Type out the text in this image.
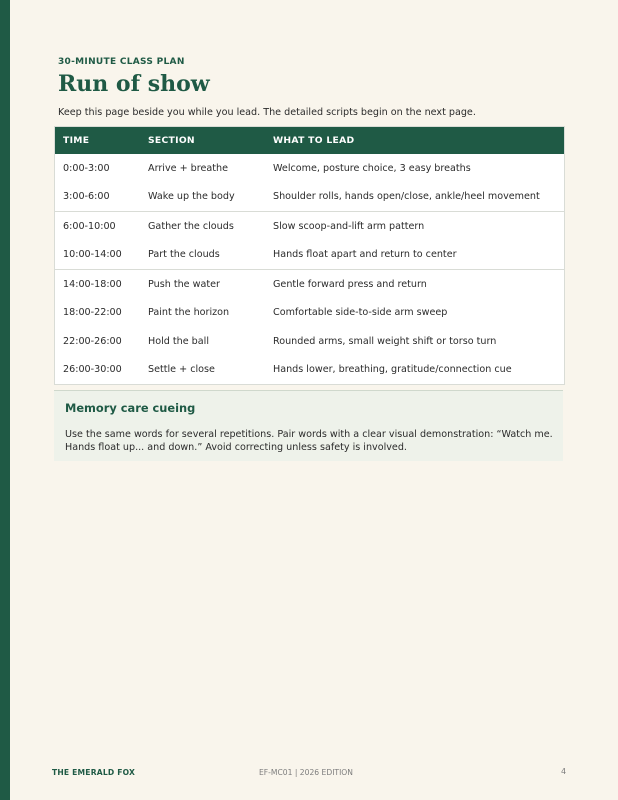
30-MINUTE CLASS PLAN
Run of show
Keep this page beside you while you lead. The detailed scripts begin on the next page.
TIME	SECTION	WHAT TO LEAD
0:00-3:00	Arrive + breathe	Welcome, posture choice, 3 easy breaths
3:00-6:00	Wake up the body	Shoulder rolls, hands open/close, ankle/heel movement
6:00-10:00	Gather the clouds	Slow scoop-and-lift arm pattern
10:00-14:00	Part the clouds	Hands float apart and return to center
14:00-18:00	Push the water	Gentle forward press and return
18:00-22:00	Paint the horizon	Comfortable side-to-side arm sweep
22:00-26:00	Hold the ball	Rounded arms, small weight shift or torso turn
26:00-30:00	Settle + close	Hands lower, breathing, gratitude/connection cue
Memory care cueing
Use the same words for several repetitions. Pair words with a clear visual demonstration: “Watch me. Hands float up... and down.” Avoid correcting unless safety is involved.
THE EMERALD FOX	EF-MC01 | 2026 EDITION	4
